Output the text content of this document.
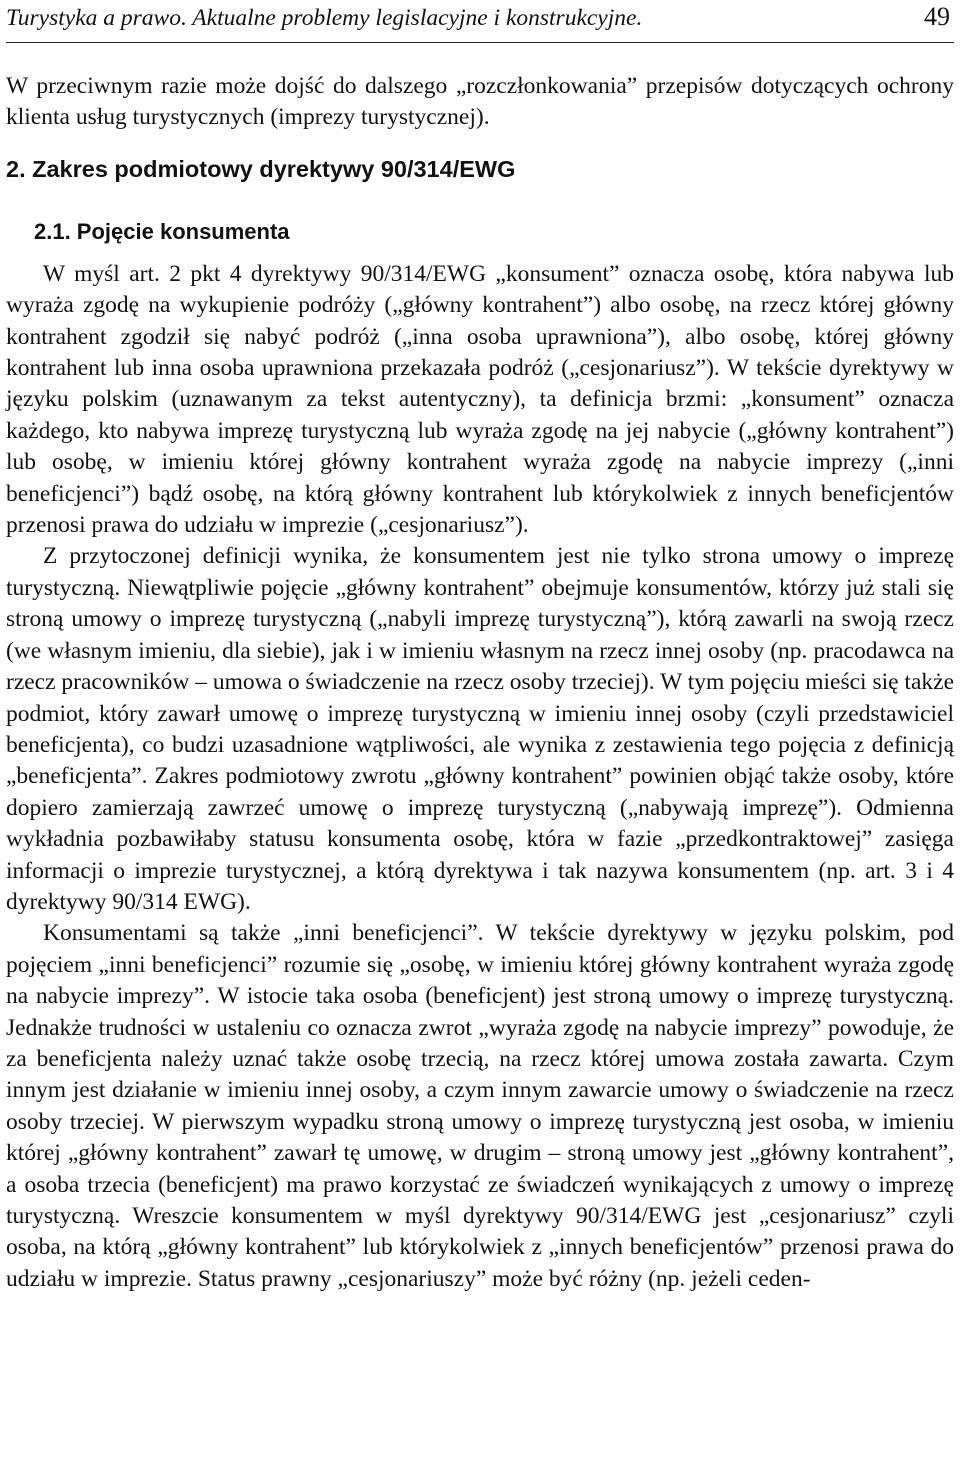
Turystyka a prawo. Aktualne problemy legislacyjne i konstrukcyjne.	49

W przeciwnym razie może dojść do dalszego „rozczłonkowania” przepisów dotyczących ochrony klienta usług turystycznych (imprezy turystycznej).

2. Zakres podmiotowy dyrektywy 90/314/EWG
2.1. Pojęcie konsumenta

W myśl art. 2 pkt 4 dyrektywy 90/314/EWG „konsument” oznacza osobę, która nabywa lub wyraża zgodę na wykupienie podróży („główny kontrahent”) albo osobę, na rzecz której główny kontrahent zgodził się nabyć podróż („inna osoba uprawniona”), albo osobę, której główny kontrahent lub inna osoba uprawniona przekazała podróż („cesjonariusz”). W tekście dyrektywy w języku polskim (uznawanym za tekst autentyczny), ta definicja brzmi: „konsument” oznacza każdego, kto nabywa imprezę turystyczną lub wyraża zgodę na jej nabycie („główny kontrahent”) lub osobę, w imieniu której główny kontrahent wyraża zgodę na nabycie imprezy („inni beneficjenci”) bądź osobę, na którą główny kontrahent lub którykolwiek z innych beneficjentów przenosi prawa do udziału w imprezie („cesjonariusz”).

Z przytoczonej definicji wynika, że konsumentem jest nie tylko strona umowy o imprezę turystyczną. Niewątpliwie pojęcie „główny kontrahent” obejmuje konsumentów, którzy już stali się stroną umowy o imprezę turystyczną („nabyli imprezę turystyczną”), którą zawarli na swoją rzecz (we własnym imieniu, dla siebie), jak i w imieniu własnym na rzecz innej osoby (np. pracodawca na rzecz pracowników – umowa o świadczenie na rzecz osoby trzeciej). W tym pojęciu mieści się także podmiot, który zawarł umowę o imprezę turystyczną w imieniu innej osoby (czyli przedstawiciel beneficjenta), co budzi uzasadnione wątpliwości, ale wynika z zestawienia tego pojęcia z definicją „beneficjenta”. Zakres podmiotowy zwrotu „główny kontrahent” powinien objąć także osoby, które dopiero zamierzają zawrzeć umowę o imprezę turystyczną („nabywają imprezę”). Odmienna wykładnia pozbawiłaby statusu konsumenta osobę, która w fazie „przedkontraktowej” zasięga informacji o imprezie turystycznej, a którą dyrektywa i tak nazywa konsumentem (np. art. 3 i 4 dyrektywy 90/314 EWG).

Konsumentami są także „inni beneficjenci”. W tekście dyrektywy w języku polskim, pod pojęciem „inni beneficjenci” rozumie się „osobę, w imieniu której główny kontrahent wyraża zgodę na nabycie imprezy”. W istocie taka osoba (beneficjent) jest stroną umowy o imprezę turystyczną. Jednakże trudności w ustaleniu co oznacza zwrot „wyraża zgodę na nabycie imprezy” powoduje, że za beneficjenta należy uznać także osobę trzecią, na rzecz której umowa została zawarta. Czym innym jest działanie w imieniu innej osoby, a czym innym zawarcie umowy o świadczenie na rzecz osoby trzeciej. W pierwszym wypadku stroną umowy o imprezę turystyczną jest osoba, w imieniu której „główny kontrahent” zawarł tę umowę, w drugim – stroną umowy jest „główny kontrahent”, a osoba trzecia (beneficjent) ma prawo korzystać ze świadczeń wynikających z umowy o imprezę turystyczną. Wreszcie konsumentem w myśl dyrektywy 90/314/EWG jest „cesjonariusz” czyli osoba, na którą „główny kontrahent” lub którykolwiek z „innych beneficjentów” przenosi prawa do udziału w imprezie. Status prawny „cesjonariuszy” może być różny (np. jeżeli ceden-
